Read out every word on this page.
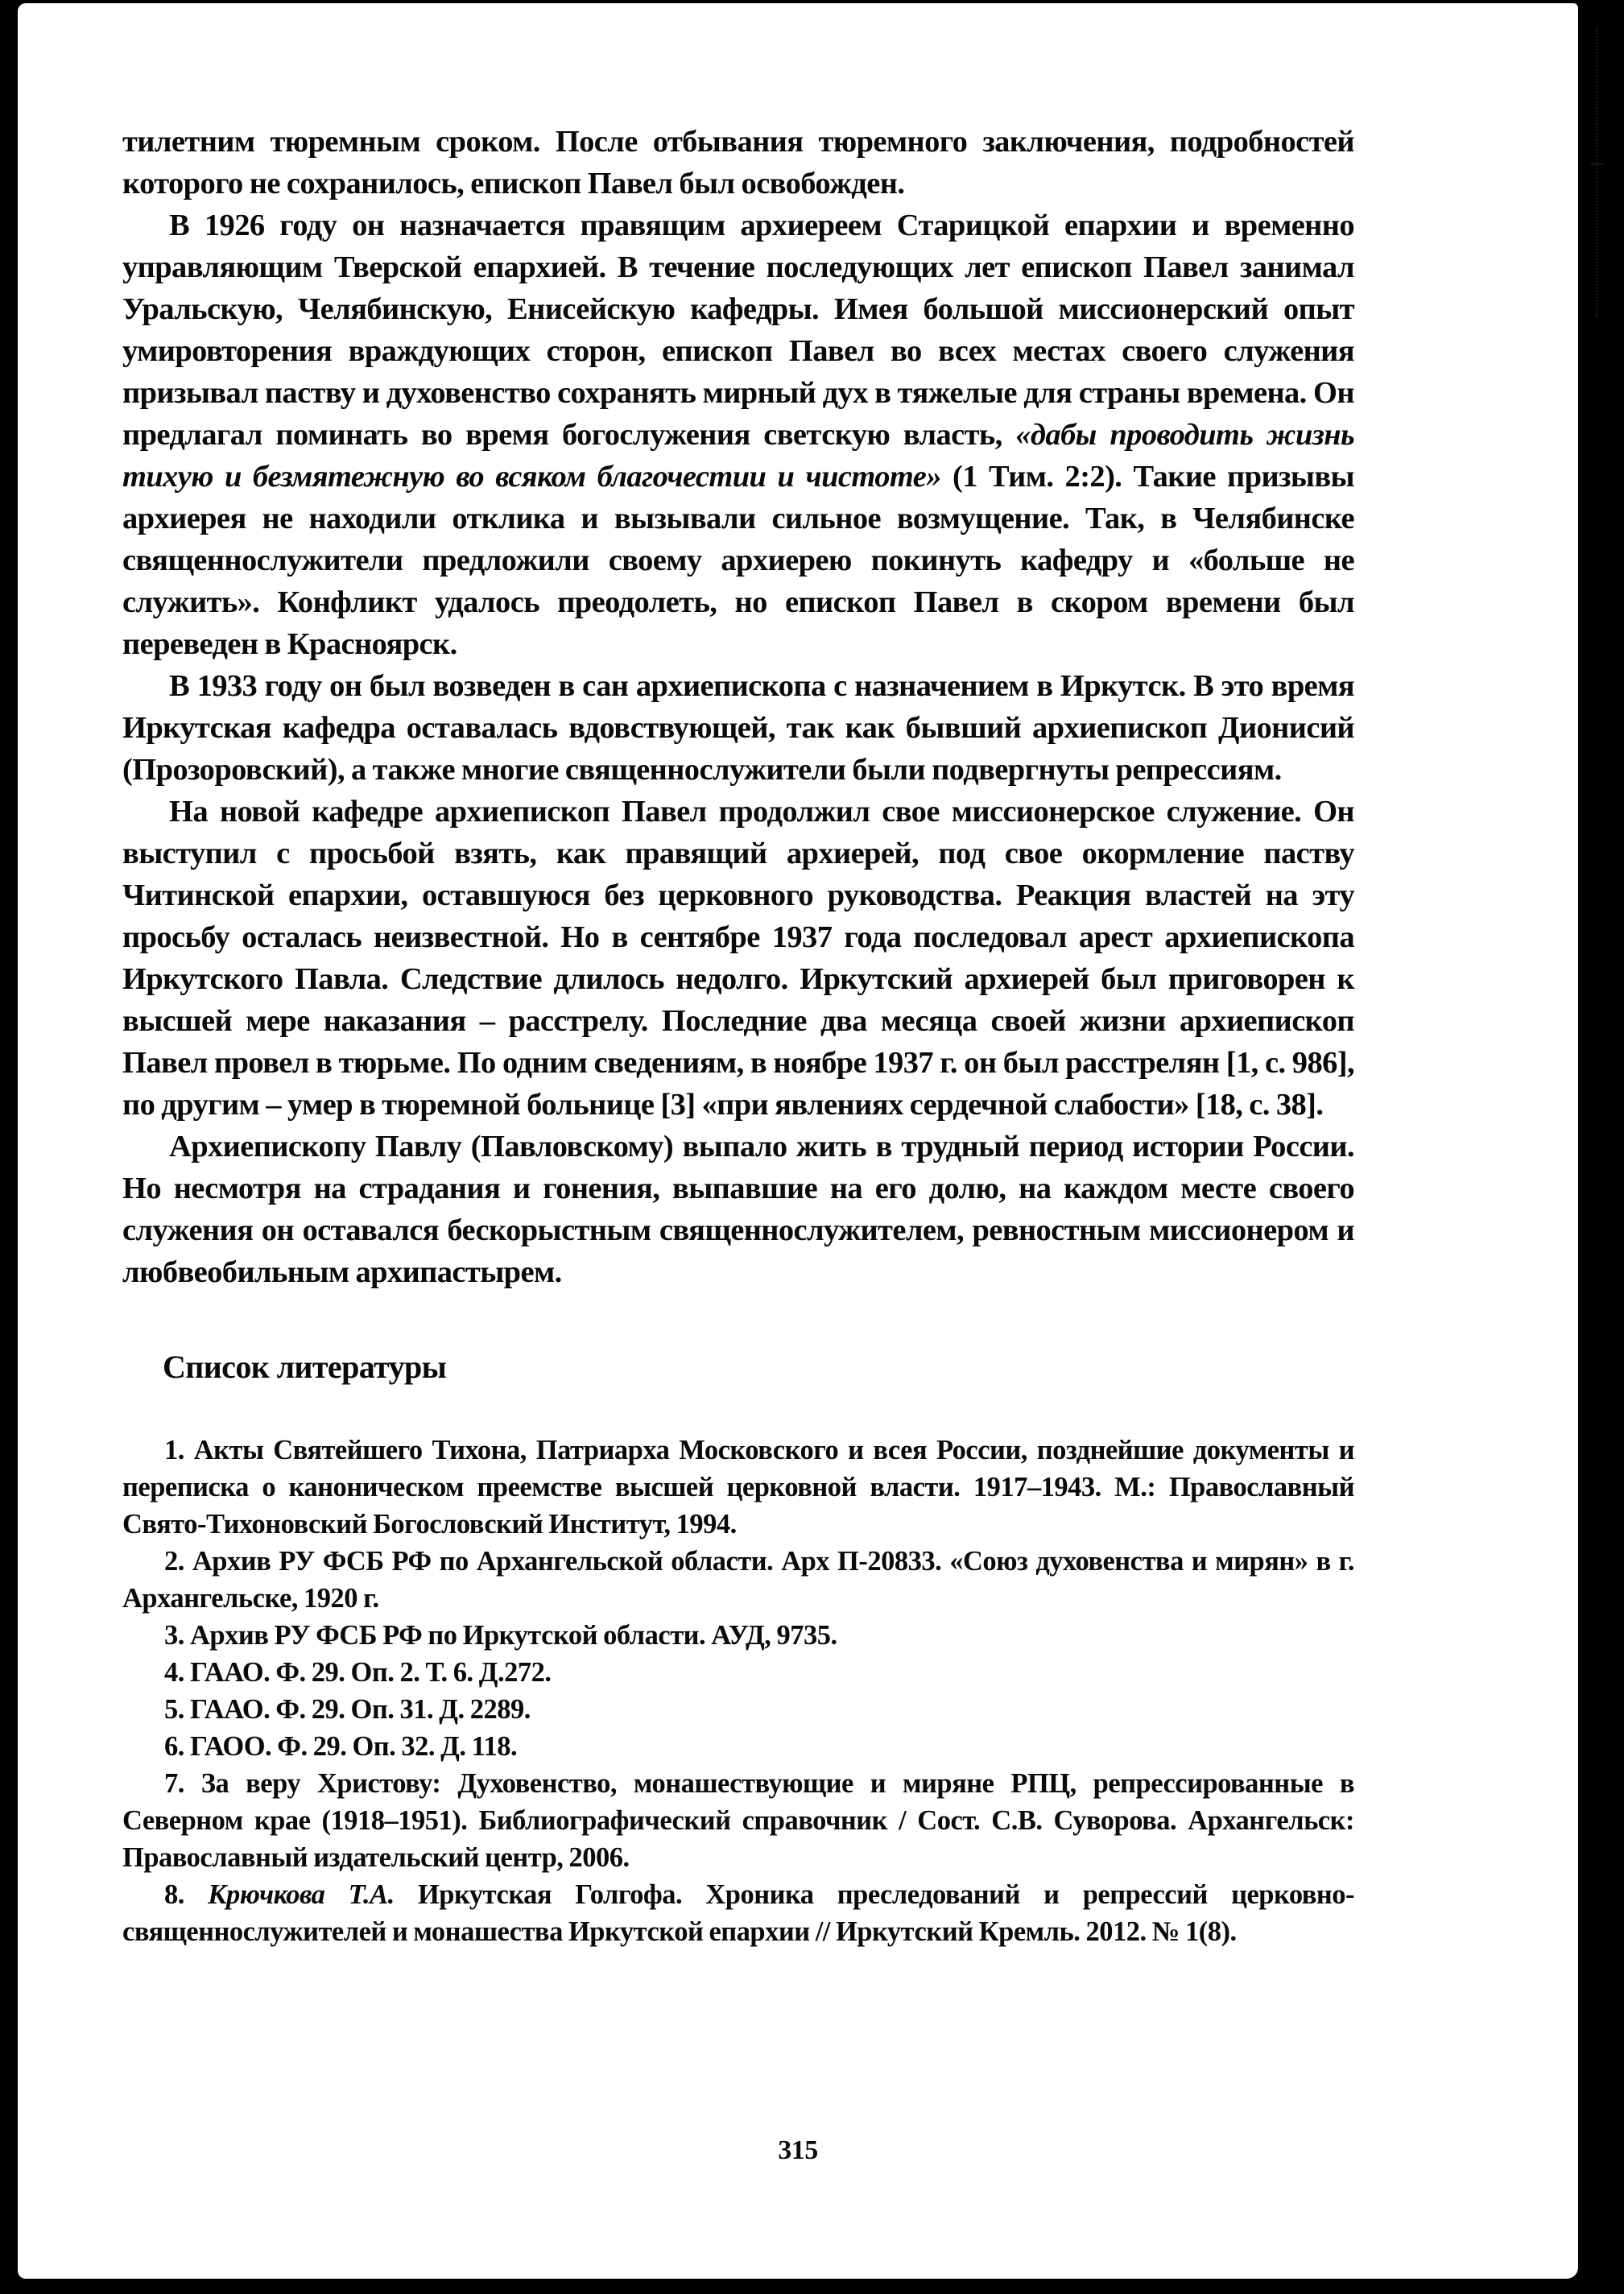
тилетним тюремным сроком. После отбывания тюремного заключения, подробностей которого не сохранилось, епископ Павел был освобожден.

В 1926 году он назначается правящим архиереем Старицкой епархии и временно управляющим Тверской епархией. В течение последующих лет епископ Павел занимал Уральскую, Челябинскую, Енисейскую кафедры. Имея большой миссионерский опыт умировторения враждующих сторон, епископ Павел во всех местах своего служения призывал паству и духовенство сохранять мирный дух в тяжелые для страны времена. Он предлагал поминать во время богослужения светскую власть, «дабы проводить жизнь тихую и безмятежную во всяком благочестии и чистоте» (1 Тим. 2:2). Такие призывы архиерея не находили отклика и вызывали сильное возмущение. Так, в Челябинске священнослужители предложили своему архиерею покинуть кафедру и «больше не служить». Конфликт удалось преодолеть, но епископ Павел в скором времени был переведен в Красноярск.

В 1933 году он был возведен в сан архиепископа с назначением в Иркутск. В это время Иркутская кафедра оставалась вдовствующей, так как бывший архиепископ Дионисий (Прозоровский), а также многие священнослужители были подвергнуты репрессиям.

На новой кафедре архиепископ Павел продолжил свое миссионерское служение. Он выступил с просьбой взять, как правящий архиерей, под свое окормление паству Читинской епархии, оставшуюся без церковного руководства. Реакция властей на эту просьбу осталась неизвестной. Но в сентябре 1937 года последовал арест архиепископа Иркутского Павла. Следствие длилось недолго. Иркутский архиерей был приговорен к высшей мере наказания – расстрелу. Последние два месяца своей жизни архиепископ Павел провел в тюрьме. По одним сведениям, в ноябре 1937 г. он был расстрелян [1, с. 986], по другим – умер в тюремной больнице [3] «при явлениях сердечной слабости» [18, с. 38].

Архиепископу Павлу (Павловскому) выпало жить в трудный период истории России. Но несмотря на страдания и гонения, выпавшие на его долю, на каждом месте своего служения он оставался бескорыстным священнослужителем, ревностным миссионером и любвеобильным архипастырем.

Список литературы

1. Акты Святейшего Тихона, Патриарха Московского и всея России, позднейшие документы и переписка о каноническом преемстве высшей церковной власти. 1917–1943. М.: Православный Свято-Тихоновский Богословский Институт, 1994.

2. Архив РУ ФСБ РФ по Архангельской области. Арх П-20833. «Союз духовенства и мирян» в г. Архангельске, 1920 г.

3. Архив РУ ФСБ РФ по Иркутской области. АУД, 9735.

4. ГААО. Ф. 29. Оп. 2. Т. 6. Д.272.

5. ГААО. Ф. 29. Оп. 31. Д. 2289.

6. ГАОО. Ф. 29. Оп. 32. Д. 118.

7. За веру Христову: Духовенство, монашествующие и миряне РПЦ, репрессированные в Северном крае (1918–1951). Библиографический справочник / Сост. С.В. Суворова. Архангельск: Православный издательский центр, 2006.

8. Крючкова Т.А. Иркутская Голгофа. Хроника преследований и репрессий церковно-священнослужителей и монашества Иркутской епархии // Иркутский Кремль. 2012. № 1(8).

315
